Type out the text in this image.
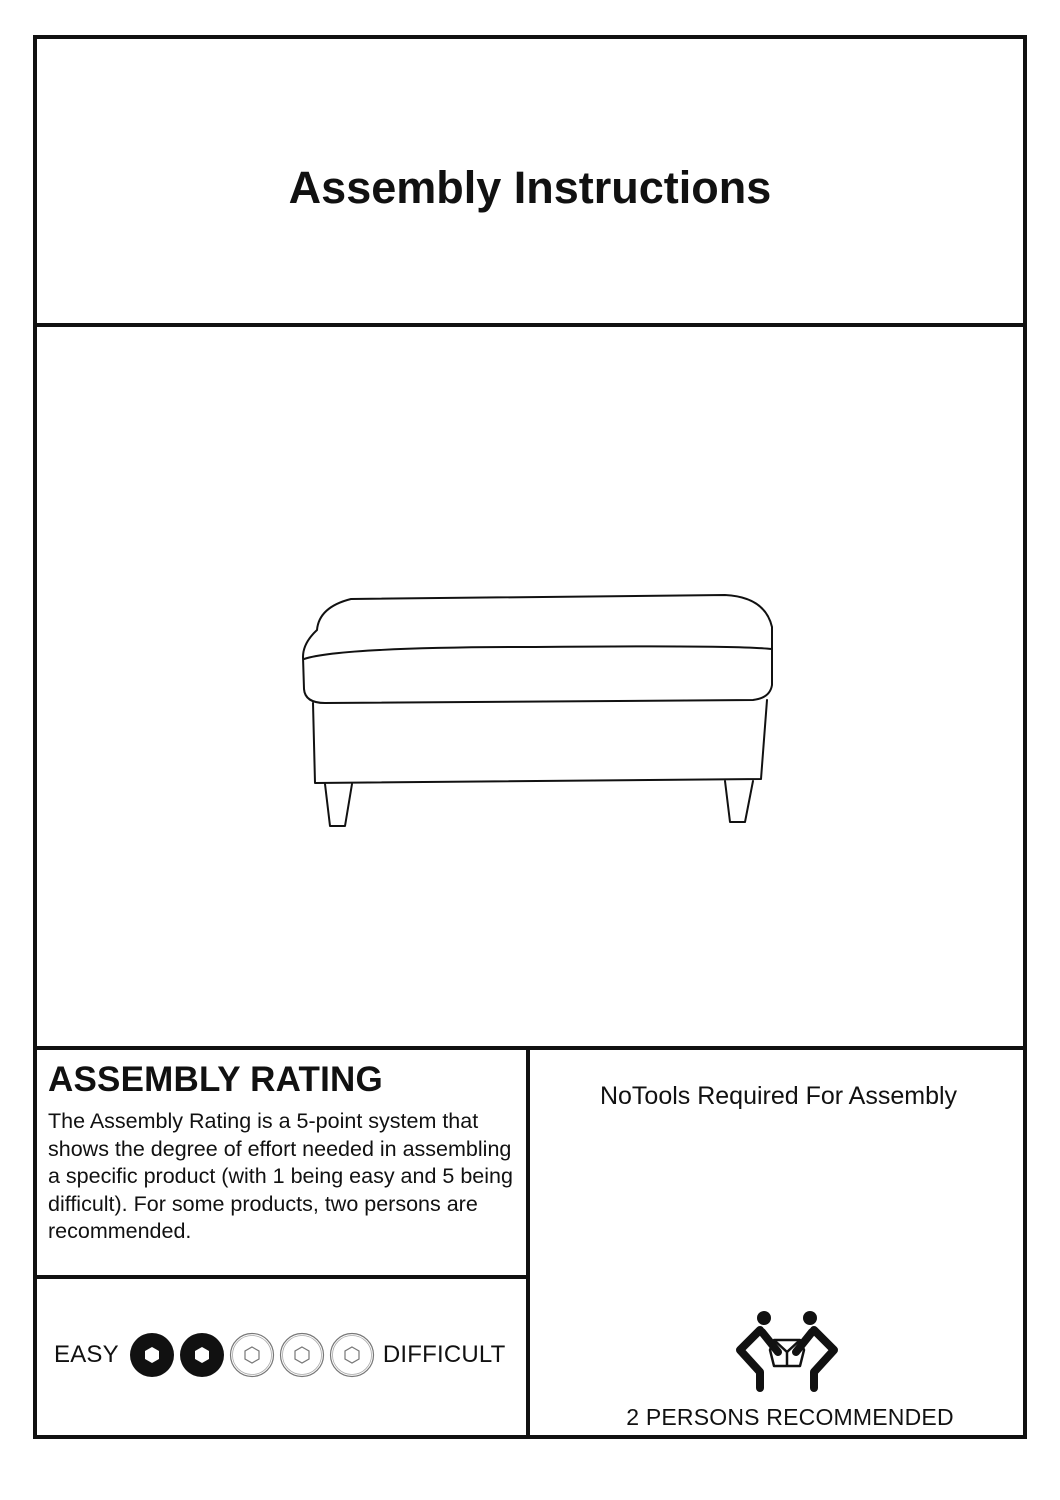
Assembly Instructions
ASSEMBLY RATING
The Assembly Rating is a 5-point system that shows the degree of effort needed in assembling a specific product (with 1 being easy and 5 being difficult). For some products, two persons are recommended.
EASY	DIFFICULT
NoTools Required For Assembly
2 PERSONS RECOMMENDED
